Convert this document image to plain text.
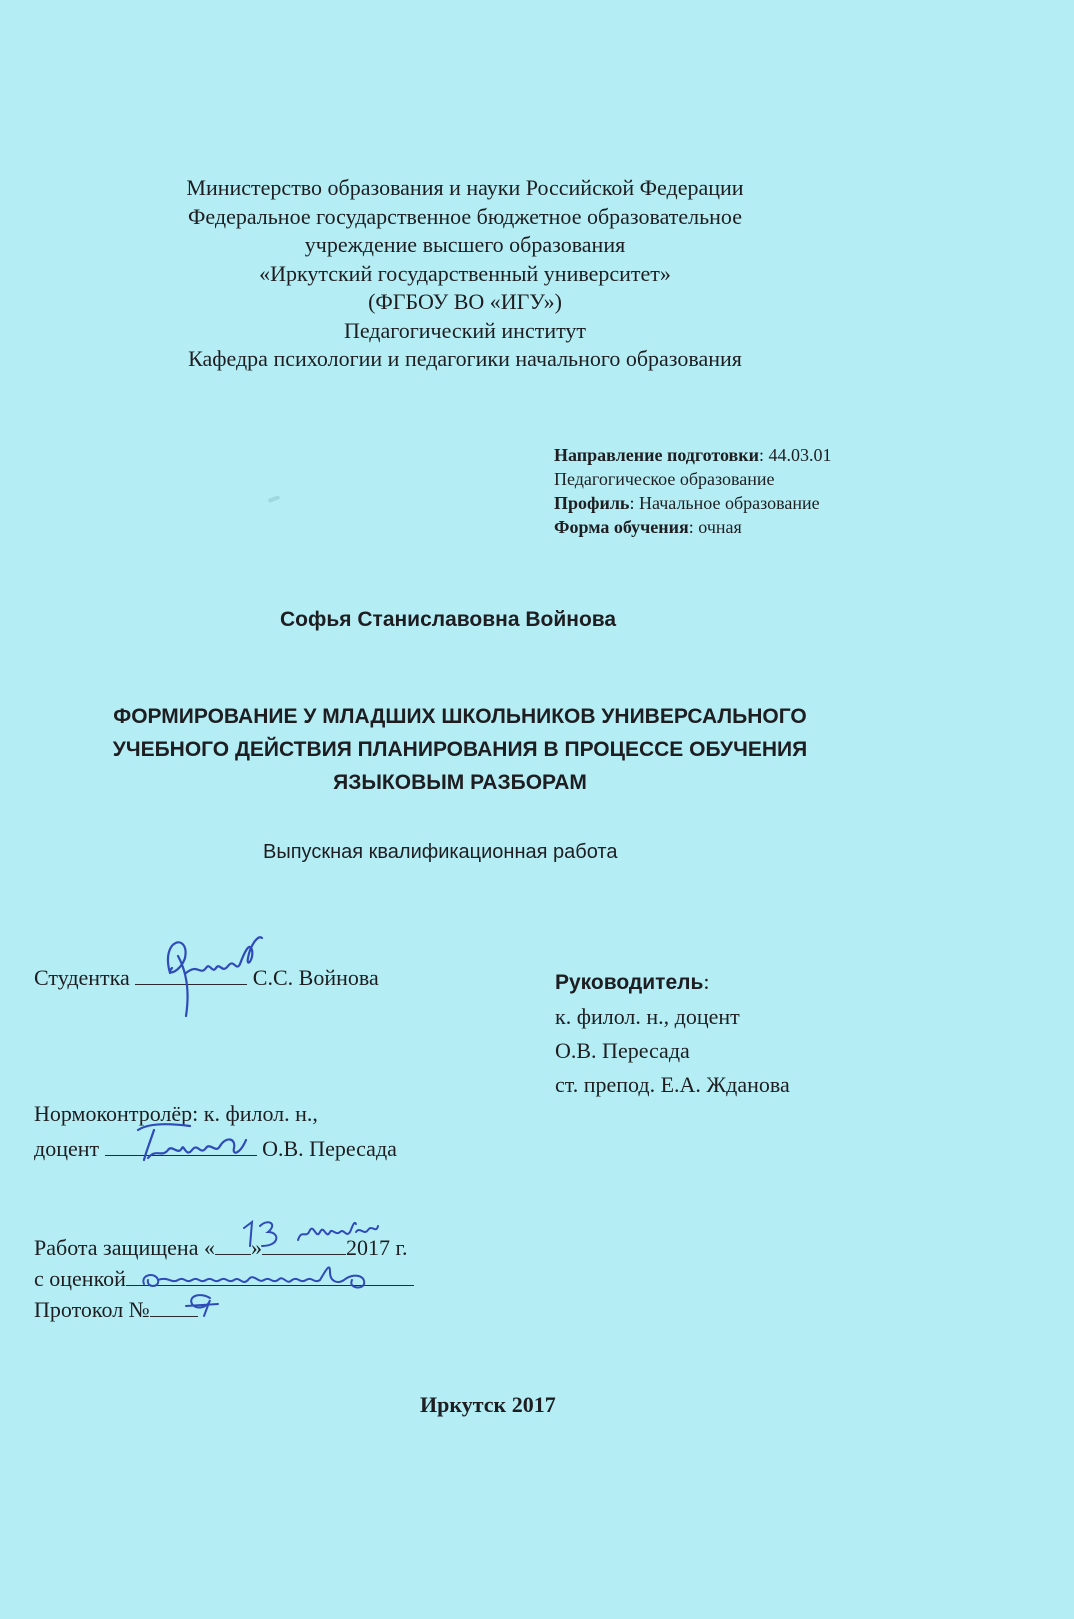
Министерство образования и науки Российской Федерации
Федеральное государственное бюджетное образовательное
учреждение высшего образования
«Иркутский государственный университет»
(ФГБОУ ВО «ИГУ»)
Педагогический институт
Кафедра психологии и педагогики начального образования
Направление подготовки: 44.03.01
Педагогическое образование
Профиль: Начальное образование
Форма обучения: очная
Софья Станиславовна Войнова
ФОРМИРОВАНИЕ У МЛАДШИХ ШКОЛЬНИКОВ УНИВЕРСАЛЬНОГО
УЧЕБНОГО ДЕЙСТВИЯ ПЛАНИРОВАНИЯ В ПРОЦЕССЕ ОБУЧЕНИЯ
ЯЗЫКОВЫМ РАЗБОРАМ
Выпускная квалификационная работа
Студентка	С.С. Войнова	Руководитель:
к. филол. н., доцент
О.В. Пересада
ст. препод. Е.А. Жданова
Нормоконтролёр: к. филол. н.,
доцент	О.В. Пересада
Работа защищена « »	2017 г.
с оценкой
Протокол №
Иркутск 2017
